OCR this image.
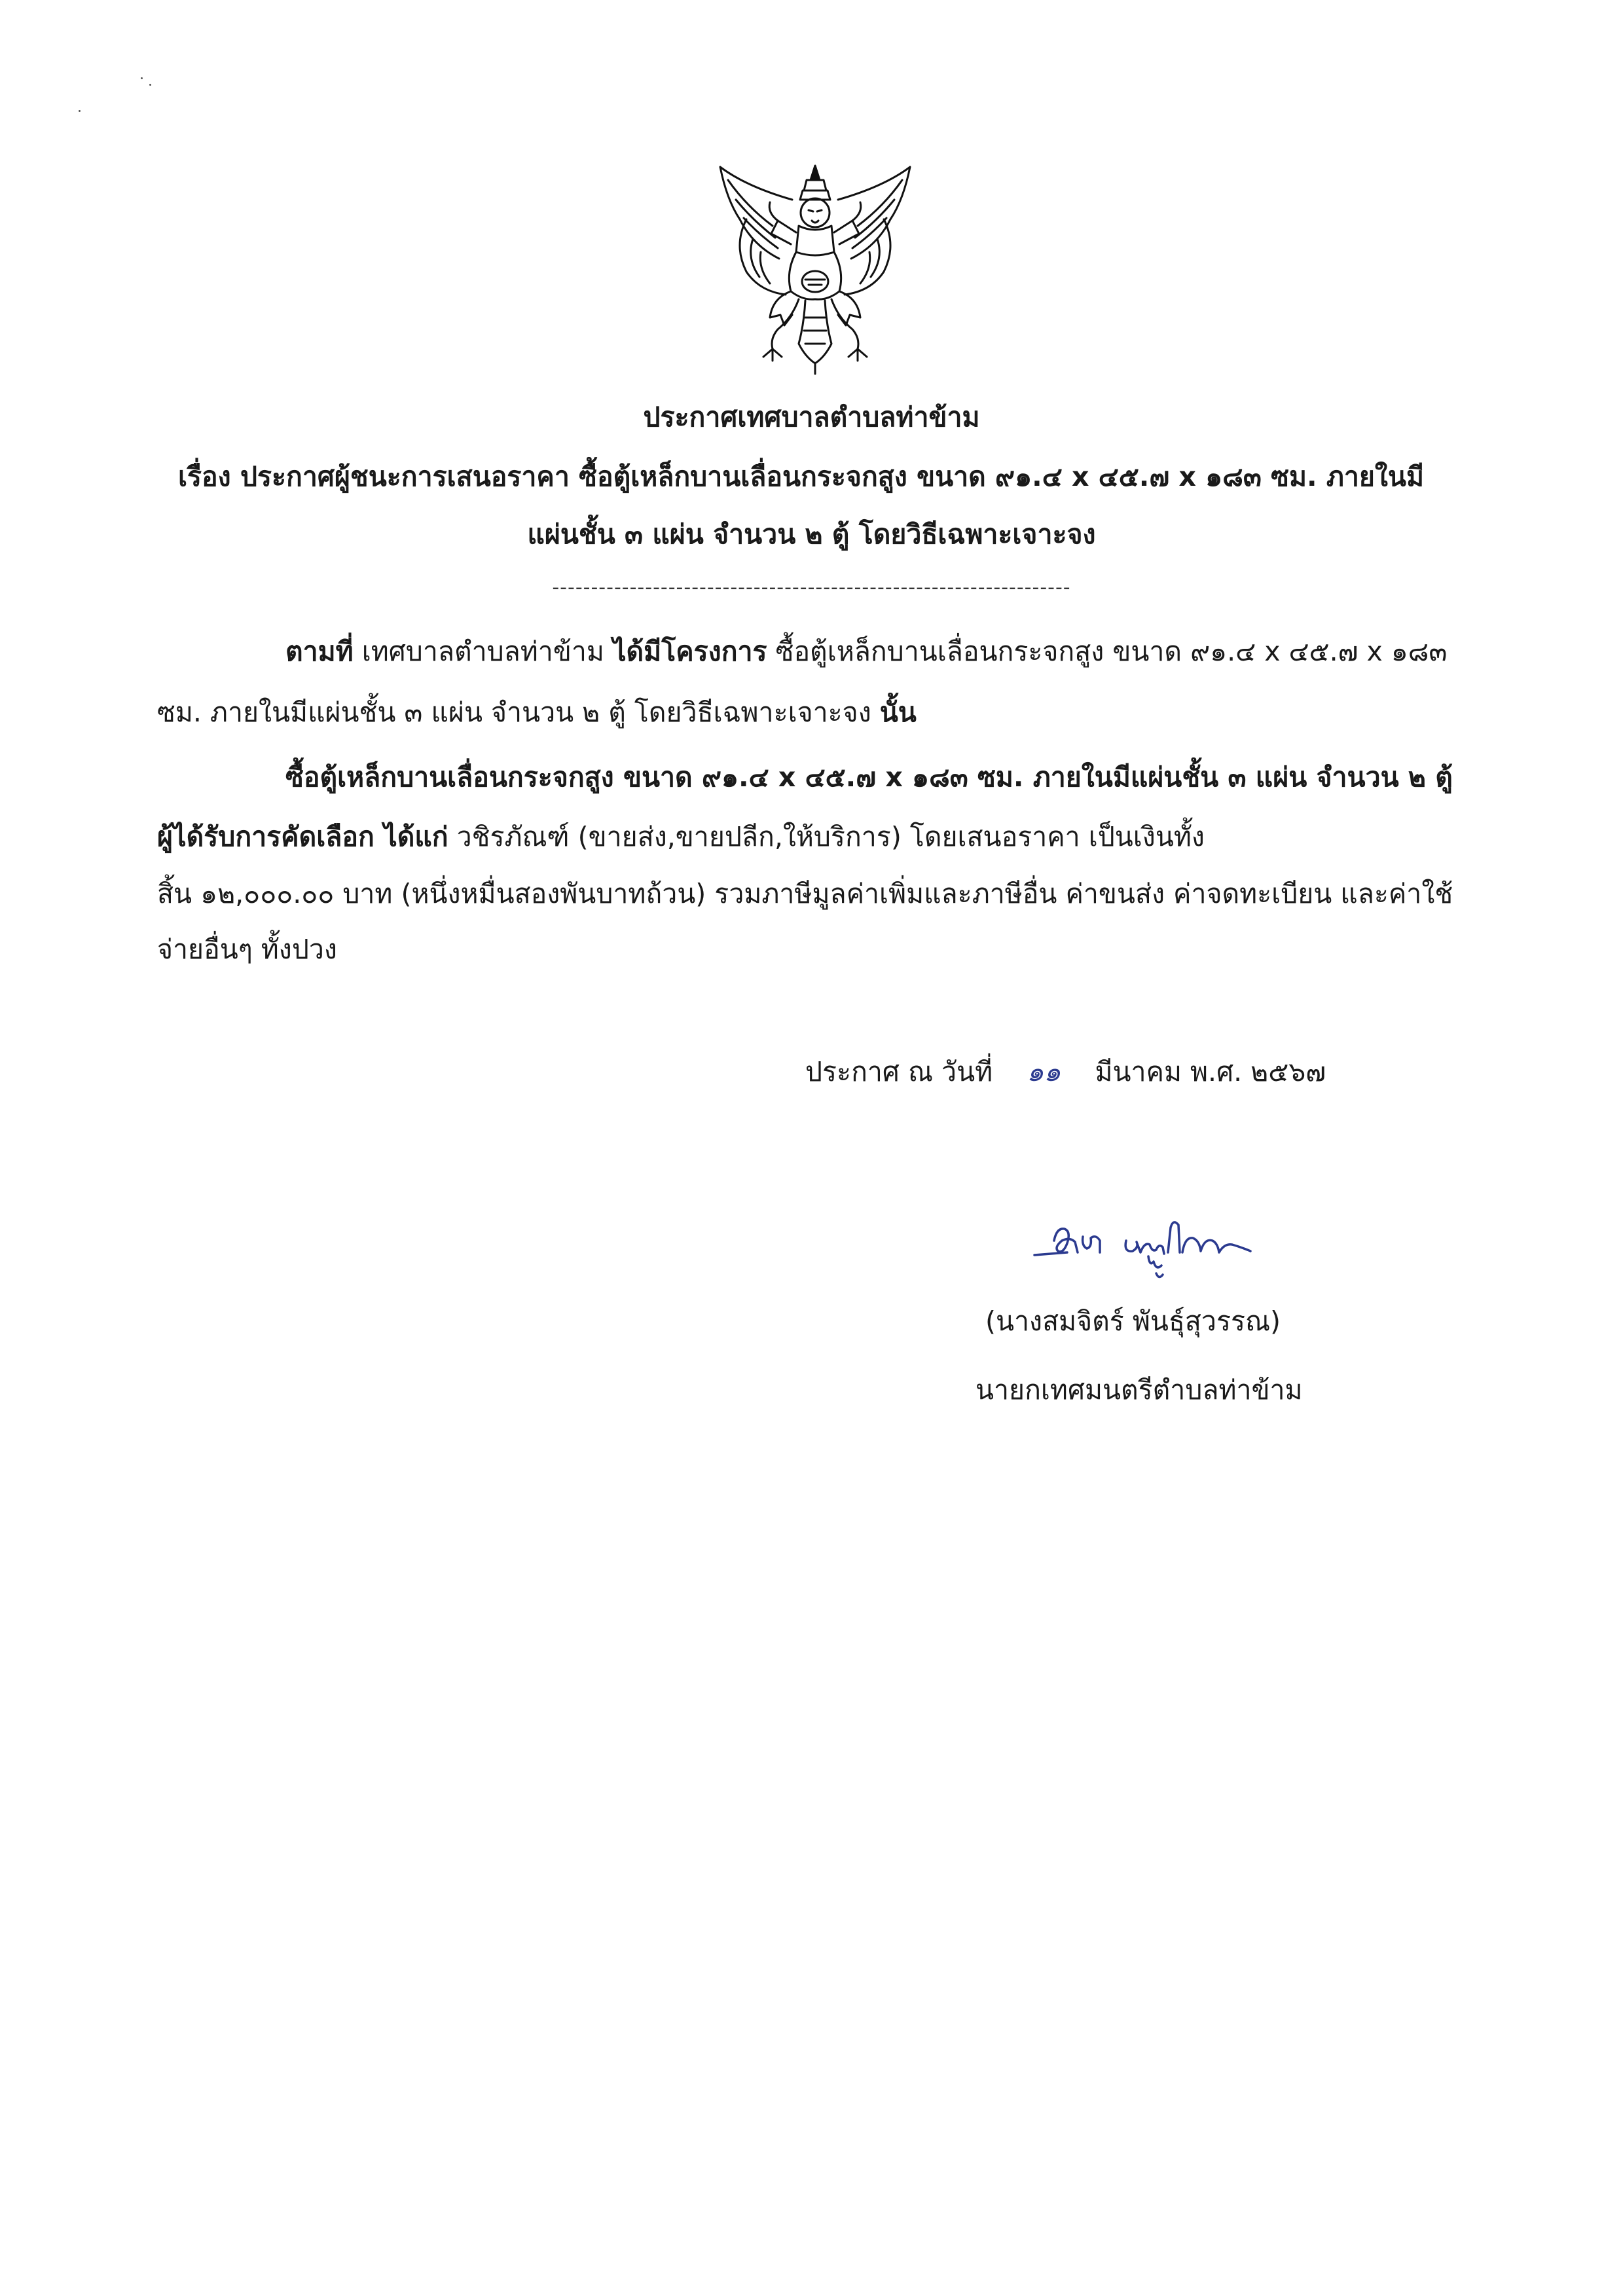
ประกาศเทศบาลตำบลท่าข้าม
เรื่อง ประกาศผู้ชนะการเสนอราคา ซื้อตู้เหล็กบานเลื่อนกระจกสูง ขนาด ๙๑.๔ x ๔๕.๗ x ๑๘๓ ซม. ภายในมี
แผ่นชั้น ๓ แผ่น จำนวน ๒ ตู้ โดยวิธีเฉพาะเจาะจง
-------------------------------------------------------------------
ตามที่ เทศบาลตำบลท่าข้าม ได้มีโครงการ ซื้อตู้เหล็กบานเลื่อนกระจกสูง ขนาด ๙๑.๔ x ๔๕.๗ x ๑๘๓
ซม. ภายในมีแผ่นชั้น ๓ แผ่น จำนวน ๒ ตู้ โดยวิธีเฉพาะเจาะจง นั้น
ซื้อตู้เหล็กบานเลื่อนกระจกสูง ขนาด ๙๑.๔ x ๔๕.๗ x ๑๘๓ ซม. ภายในมีแผ่นชั้น ๓ แผ่น จำนวน ๒ ตู้
ผู้ได้รับการคัดเลือก ได้แก่ วชิรภัณฑ์ (ขายส่ง,ขายปลีก,ให้บริการ) โดยเสนอราคา เป็นเงินทั้ง
สิ้น ๑๒,๐๐๐.๐๐ บาท (หนึ่งหมื่นสองพันบาทถ้วน) รวมภาษีมูลค่าเพิ่มและภาษีอื่น ค่าขนส่ง ค่าจดทะเบียน และค่าใช้
จ่ายอื่นๆ ทั้งปวง
ประกาศ ณ วันที่ ๑๑ มีนาคม พ.ศ. ๒๕๖๗
(นางสมจิตร์ พันธุ์สุวรรณ)
นายกเทศมนตรีตำบลท่าข้าม
